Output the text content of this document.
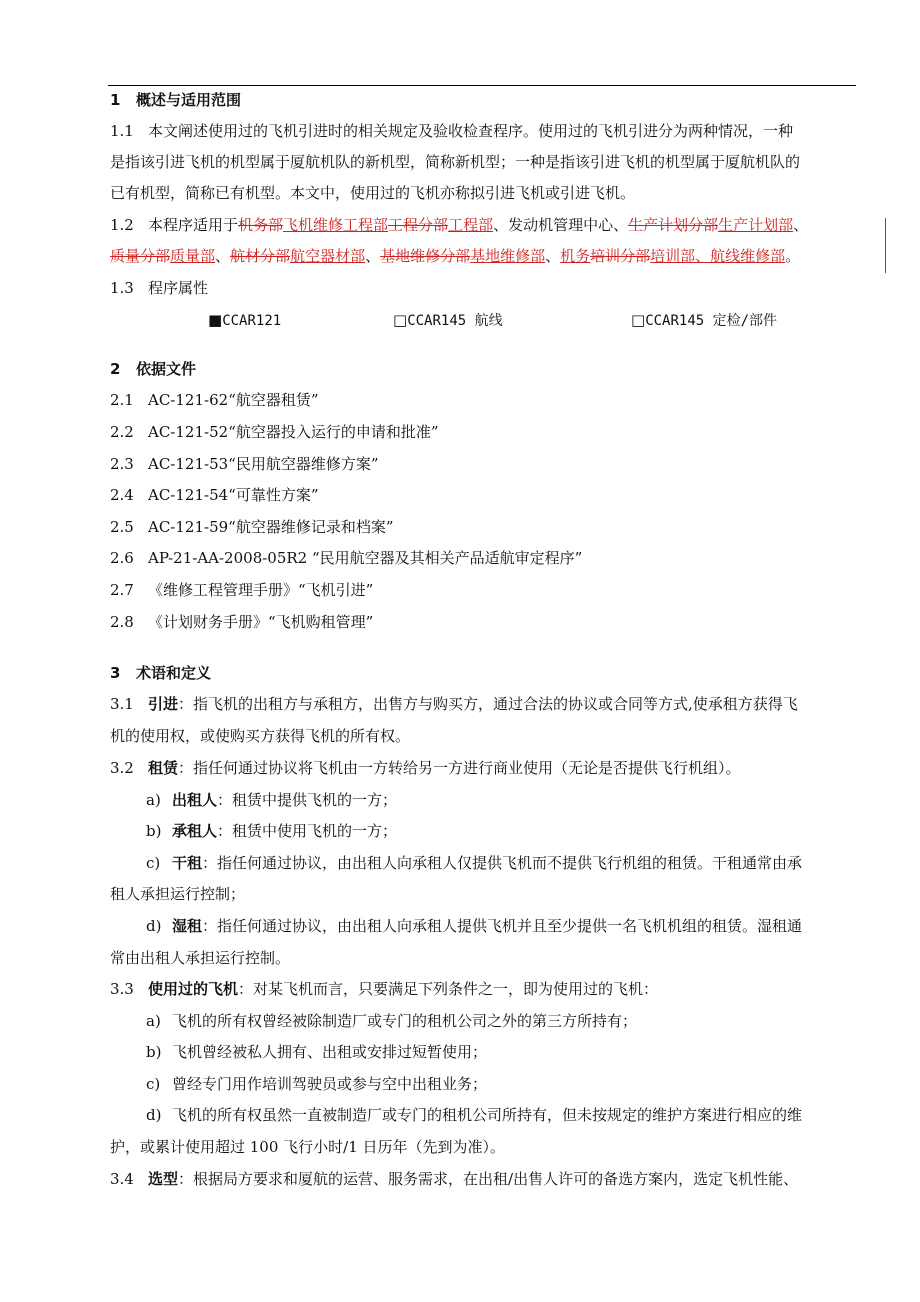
1 概述与适用范围
1.1 本文阐述使用过的飞机引进时的相关规定及验收检查程序。使用过的飞机引进分为两种情况，一种
是指该引进飞机的机型属于厦航机队的新机型，简称新机型；一种是指该引进飞机的机型属于厦航机队的
已有机型，简称已有机型。本文中，使用过的飞机亦称拟引进飞机或引进飞机。
1.2 本程序适用于机务部飞机维修工程部工程分部工程部、发动机管理中心、生产计划分部生产计划部、
质量分部质量部、航材分部航空器材部、基地维修分部基地维修部、机务培训分部培训部、航线维修部。
1.3 程序属性
■CCAR121	□CCAR145 航线	□CCAR145 定检/部件
2 依据文件
2.1 AC-121-62“航空器租赁”
2.2 AC-121-52“航空器投入运行的申请和批准”
2.3 AC-121-53“民用航空器维修方案”
2.4 AC-121-54“可靠性方案”
2.5 AC-121-59“航空器维修记录和档案”
2.6 AP-21-AA-2008-05R2 “民用航空器及其相关产品适航审定程序”
2.7 《维修工程管理手册》“飞机引进”
2.8 《计划财务手册》“飞机购租管理”
3 术语和定义
3.1 引进：指飞机的出租方与承租方，出售方与购买方，通过合法的协议或合同等方式,使承租方获得飞
机的使用权，或使购买方获得飞机的所有权。
3.2 租赁：指任何通过协议将飞机由一方转给另一方进行商业使用（无论是否提供飞行机组）。
a) 出租人：租赁中提供飞机的一方；
b) 承租人：租赁中使用飞机的一方；
c) 干租：指任何通过协议，由出租人向承租人仅提供飞机而不提供飞行机组的租赁。干租通常由承
租人承担运行控制；
d) 湿租：指任何通过协议，由出租人向承租人提供飞机并且至少提供一名飞机机组的租赁。湿租通
常由出租人承担运行控制。
3.3 使用过的飞机：对某飞机而言，只要满足下列条件之一，即为使用过的飞机：
a) 飞机的所有权曾经被除制造厂或专门的租机公司之外的第三方所持有；
b) 飞机曾经被私人拥有、出租或安排过短暂使用；
c) 曾经专门用作培训驾驶员或参与空中出租业务；
d) 飞机的所有权虽然一直被制造厂或专门的租机公司所持有，但未按规定的维护方案进行相应的维
护，或累计使用超过 100 飞行小时/1 日历年（先到为准）。
3.4 选型：根据局方要求和厦航的运营、服务需求，在出租/出售人许可的备选方案内，选定飞机性能、
